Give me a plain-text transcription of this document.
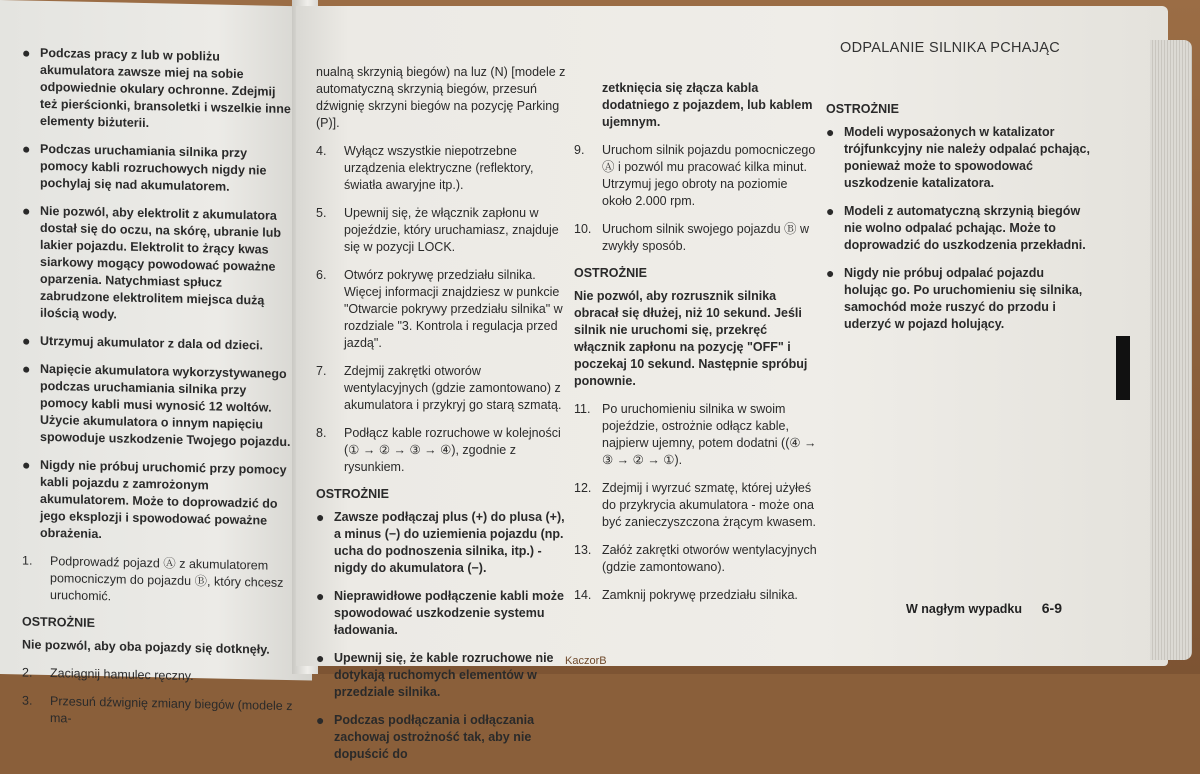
● Podczas pracy z lub w pobliżu akumulatora zawsze miej na sobie odpowiednie okulary ochronne. Zdejmij też pierścionki, bransoletki i wszelkie inne elementy biżuterii.
● Podczas uruchamiania silnika przy pomocy kabli rozruchowych nigdy nie pochylaj się nad akumulatorem.
● Nie pozwól, aby elektrolit z akumulatora dostał się do oczu, na skórę, ubranie lub lakier pojazdu. Elektrolit to żrący kwas siarkowy mogący powodować poważne oparzenia. Natychmiast spłucz zabrudzone elektrolitem miejsca dużą ilością wody.
● Utrzymuj akumulator z dala od dzieci.
● Napięcie akumulatora wykorzystywanego podczas uruchamiania silnika przy pomocy kabli musi wynosić 12 woltów. Użycie akumulatora o innym napięciu spowoduje uszkodzenie Twojego pojazdu.
● Nigdy nie próbuj uruchomić przy pomocy kabli pojazdu z zamrożonym akumulatorem. Może to doprowadzić do jego eksplozji i spowodować poważne obrażenia.
1.	Podprowadź pojazd Ⓐ z akumulatorem pomocniczym do pojazdu Ⓑ, który chcesz uruchomić.
OSTROŻNIE
Nie pozwól, aby oba pojazdy się dotknęły.
2.	Zaciągnij hamulec ręczny.
3.	Przesuń dźwignię zmiany biegów (modele z ma-
ODPALANIE SILNIKA PCHAJĄC
nualną skrzynią biegów) na luz (N) [modele z automatyczną skrzynią biegów, przesuń dźwignię skrzyni biegów na pozycję Parking (P)].
4.	Wyłącz wszystkie niepotrzebne urządzenia elektryczne (reflektory, światła awaryjne itp.).
5.	Upewnij się, że włącznik zapłonu w pojeździe, który uruchamiasz, znajduje się w pozycji LOCK.
6.	Otwórz pokrywę przedziału silnika. Więcej informacji znajdziesz w punkcie "Otwarcie pokrywy przedziału silnika" w rozdziale "3. Kontrola i regulacja przed jazdą".
7.	Zdejmij zakrętki otworów wentylacyjnych (gdzie zamontowano) z akumulatora i przykryj go starą szmatą.
8.	Podłącz kable rozruchowe w kolejności (① → ② → ③ → ④), zgodnie z rysunkiem.
OSTROŻNIE
● Zawsze podłączaj plus (+) do plusa (+), a minus (−) do uziemienia pojazdu (np. ucha do podnoszenia silnika, itp.) - nigdy do akumulatora (−).
● Nieprawidłowe podłączenie kabli może spowodować uszkodzenie systemu ładowania.
● Upewnij się, że kable rozruchowe nie dotykają ruchomych elementów w przedziale silnika.
● Podczas podłączania i odłączania zachowaj ostrożność tak, aby nie dopuścić do
zetknięcia się złącza kabla dodatniego z pojazdem, lub kablem ujemnym.
9.	Uruchom silnik pojazdu pomocniczego Ⓐ i pozwól mu pracować kilka minut. Utrzymuj jego obroty na poziomie około 2.000 rpm.
10. Uruchom silnik swojego pojazdu Ⓑ w zwykły sposób.
OSTROŻNIE
Nie pozwól, aby rozrusznik silnika obracał się dłużej, niż 10 sekund. Jeśli silnik nie uruchomi się, przekręć włącznik zapłonu na pozycję "OFF" i poczekaj 10 sekund. Następnie spróbuj ponownie.
11. Po uruchomieniu silnika w swoim pojeździe, ostrożnie odłącz kable, najpierw ujemny, potem dodatni ((④ → ③ → ② → ①).
12. Zdejmij i wyrzuć szmatę, której użyłeś do przykrycia akumulatora - może ona być zanieczyszczona żrącym kwasem.
13. Załóż zakrętki otworów wentylacyjnych (gdzie zamontowano).
14. Zamknij pokrywę przedziału silnika.
OSTROŻNIE
● Modeli wyposażonych w katalizator trójfunkcyjny nie należy odpalać pchając, ponieważ może to spowodować uszkodzenie katalizatora.
● Modeli z automatyczną skrzynią biegów nie wolno odpalać pchając. Może to doprowadzić do uszkodzenia przekładni.
● Nigdy nie próbuj odpalać pojazdu holując go. Po uruchomieniu się silnika, samochód może ruszyć do przodu i uderzyć w pojazd holujący.
W nagłym wypadku 6-9
KaczorB
